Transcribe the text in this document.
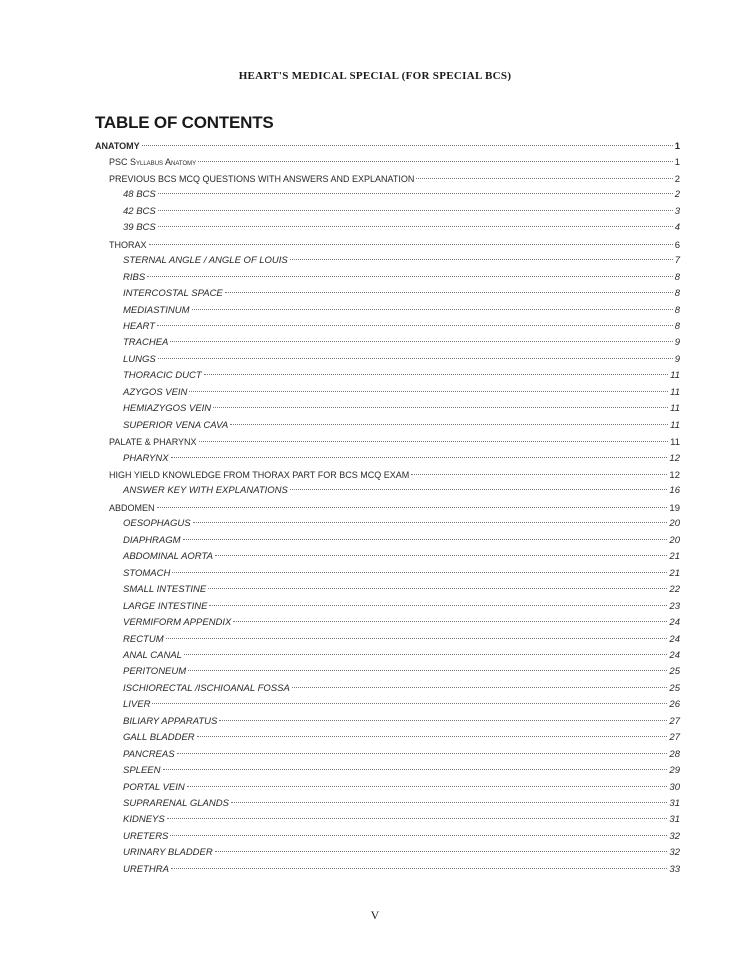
HEART'S MEDICAL SPECIAL (FOR SPECIAL BCS)
TABLE OF CONTENTS
ANATOMY	1
PSC Syllabus Anatomy	1
PREVIOUS BCS MCQ QUESTIONS WITH ANSWERS AND EXPLANATION	2
48 BCS	2
42 BCS	3
39 BCS	4
THORAX	6
STERNAL ANGLE / ANGLE OF LOUIS	7
RIBS	8
INTERCOSTAL SPACE	8
MEDIASTINUM	8
HEART	8
TRACHEA	9
LUNGS	9
THORACIC DUCT	11
AZYGOS VEIN	11
HEMIAZYGOS VEIN	11
SUPERIOR VENA CAVA	11
PALATE & PHARYNX	11
PHARYNX	12
HIGH YIELD KNOWLEDGE FROM THORAX PART FOR BCS MCQ EXAM	12
ANSWER KEY WITH EXPLANATIONS	16
ABDOMEN	19
OESOPHAGUS	20
DIAPHRAGM	20
ABDOMINAL AORTA	21
STOMACH	21
SMALL INTESTINE	22
LARGE INTESTINE	23
VERMIFORM APPENDIX	24
RECTUM	24
ANAL CANAL	24
PERITONEUM	25
ISCHIORECTAL /ISCHIOANAL FOSSA	25
LIVER	26
BILIARY APPARATUS	27
GALL BLADDER	27
PANCREAS	28
SPLEEN	29
PORTAL VEIN	30
SUPRARENAL GLANDS	31
KIDNEYS	31
URETERS	32
URINARY BLADDER	32
URETHRA	33
V
